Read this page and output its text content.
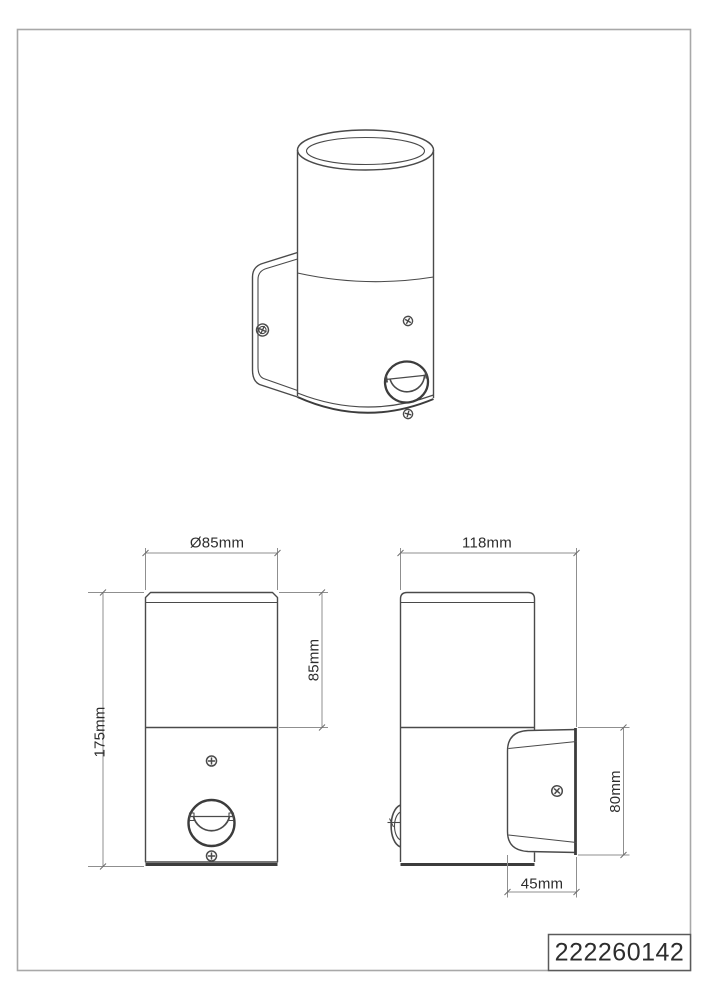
Ø85mm
85mm
175mm
118mm
80mm
45mm
222260142
